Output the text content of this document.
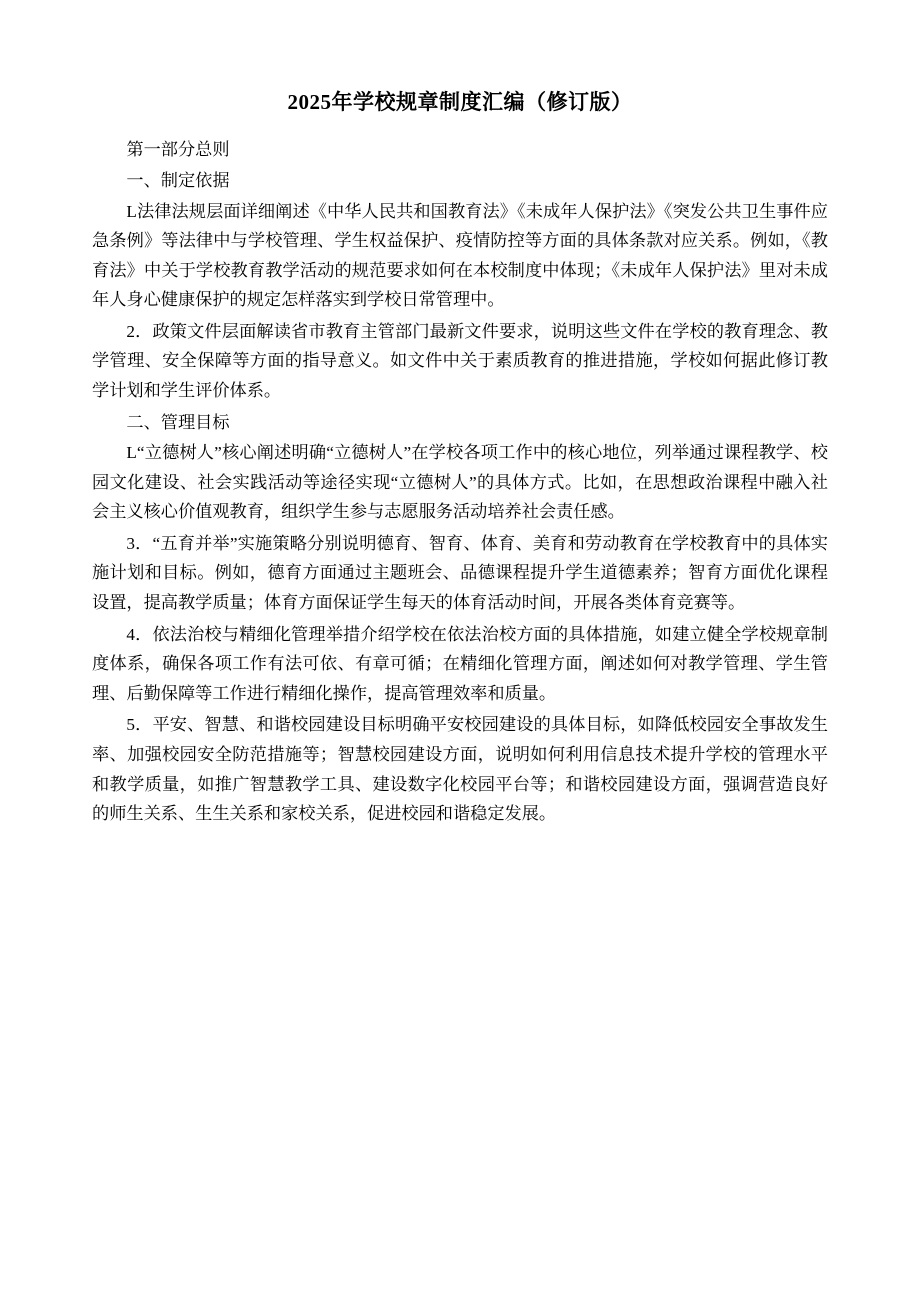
2025年学校规章制度汇编（修订版）

第一部分总则

一、制定依据

L法律法规层面详细阐述《中华人民共和国教育法》《未成年人保护法》《突发公共卫生事件应急条例》等法律中与学校管理、学生权益保护、疫情防控等方面的具体条款对应关系。例如，《教育法》中关于学校教育教学活动的规范要求如何在本校制度中体现；《未成年人保护法》里对未成年人身心健康保护的规定怎样落实到学校日常管理中。

2．政策文件层面解读省市教育主管部门最新文件要求，说明这些文件在学校的教育理念、教学管理、安全保障等方面的指导意义。如文件中关于素质教育的推进措施，学校如何据此修订教学计划和学生评价体系。

二、管理目标

L“立德树人”核心阐述明确“立德树人”在学校各项工作中的核心地位，列举通过课程教学、校园文化建设、社会实践活动等途径实现“立德树人”的具体方式。比如，在思想政治课程中融入社会主义核心价值观教育，组织学生参与志愿服务活动培养社会责任感。

3．“五育并举”实施策略分别说明德育、智育、体育、美育和劳动教育在学校教育中的具体实施计划和目标。例如，德育方面通过主题班会、品德课程提升学生道德素养；智育方面优化课程设置，提高教学质量；体育方面保证学生每天的体育活动时间，开展各类体育竞赛等。

4．依法治校与精细化管理举措介绍学校在依法治校方面的具体措施，如建立健全学校规章制度体系，确保各项工作有法可依、有章可循；在精细化管理方面，阐述如何对教学管理、学生管理、后勤保障等工作进行精细化操作，提高管理效率和质量。

5．平安、智慧、和谐校园建设目标明确平安校园建设的具体目标，如降低校园安全事故发生率、加强校园安全防范措施等；智慧校园建设方面，说明如何利用信息技术提升学校的管理水平和教学质量，如推广智慧教学工具、建设数字化校园平台等；和谐校园建设方面，强调营造良好的师生关系、生生关系和家校关系，促进校园和谐稳定发展。
